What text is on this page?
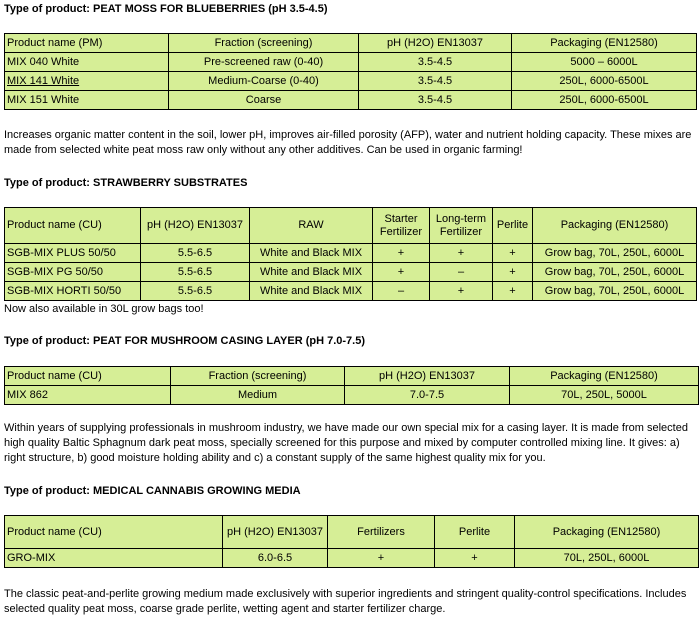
Type of product: PEAT MOSS FOR BLUEBERRIES (pH 3.5-4.5)
Product name (PM)	Fraction (screening)	pH (H2O) EN13037	Packaging (EN12580)
MIX 040 White	Pre-screened raw (0-40)	3.5-4.5	5000 – 6000L
MIX 141 White	Medium-Coarse (0-40)	3.5-4.5	250L, 6000-6500L
MIX 151 White	Coarse	3.5-4.5	250L, 6000-6500L
Increases organic matter content in the soil, lower pH, improves air-filled porosity (AFP), water and nutrient holding capacity. These mixes are made from selected white peat moss raw only without any other additives. Can be used in organic farming!
Type of product: STRAWBERRY SUBSTRATES
Product name (CU)	pH (H2O) EN13037	RAW	Starter Fertilizer	Long-term Fertilizer	Perlite	Packaging (EN12580)
SGB-MIX PLUS 50/50	5.5-6.5	White and Black MIX	+	+	+	Grow bag, 70L, 250L, 6000L
SGB-MIX PG 50/50	5.5-6.5	White and Black MIX	+	–	+	Grow bag, 70L, 250L, 6000L
SGB-MIX HORTI 50/50	5.5-6.5	White and Black MIX	–	+	+	Grow bag, 70L, 250L, 6000L
Now also available in 30L grow bags too!
Type of product: PEAT FOR MUSHROOM CASING LAYER (pH 7.0-7.5)
Product name (CU)	Fraction (screening)	pH (H2O) EN13037	Packaging (EN12580)
MIX 862	Medium	7.0-7.5	70L, 250L, 5000L
Within years of supplying professionals in mushroom industry, we have made our own special mix for a casing layer. It is made from selected high quality Baltic Sphagnum dark peat moss, specially screened for this purpose and mixed by computer controlled mixing line. It gives: a) right structure, b) good moisture holding ability and c) a constant supply of the same highest quality mix for you.
Type of product: MEDICAL CANNABIS GROWING MEDIA
Product name (CU)	pH (H2O) EN13037	Fertilizers	Perlite	Packaging (EN12580)
GRO-MIX	6.0-6.5	+	+	70L, 250L, 6000L
The classic peat-and-perlite growing medium made exclusively with superior ingredients and stringent quality-control specifications. Includes selected quality peat moss, coarse grade perlite, wetting agent and starter fertilizer charge.
